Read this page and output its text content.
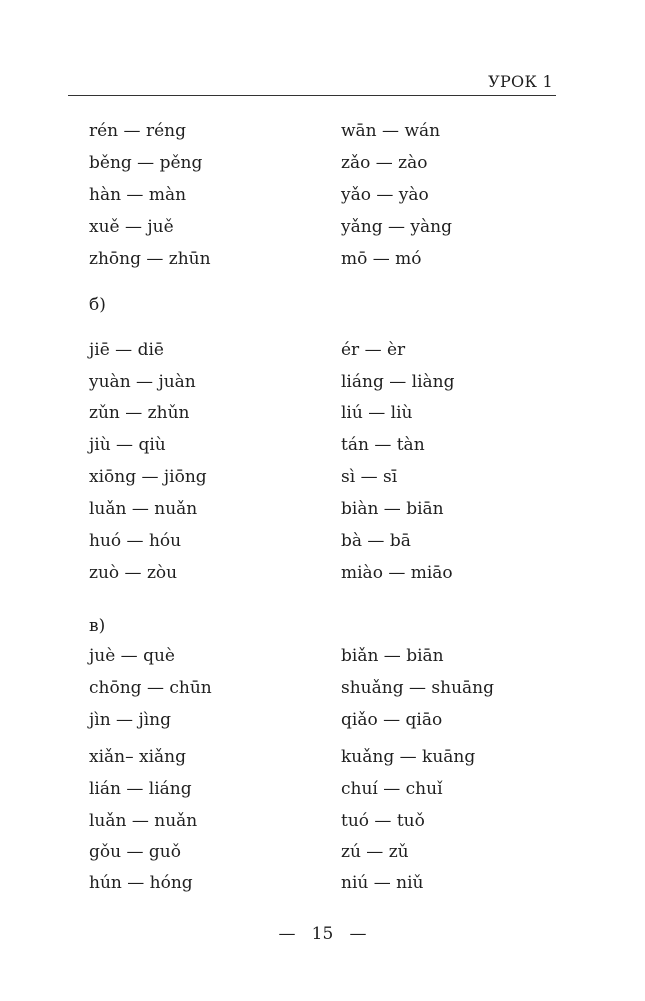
УРОК 1
rén — réng	wān — wán
běng — pěng	zǎo — zào
hàn — màn	yǎo — yào
xuě — juě	yǎng — yàng
zhōng — zhūn	mō — mó
б)
jiē — diē	ér — èr
yuàn — juàn	liáng — liàng
zǔn — zhǔn	liú — liù
jiù — qiù	tán — tàn
xiōng — jiōng	sì — sī
luǎn — nuǎn	biàn — biān
huó — hóu	bà — bā
zuò — zòu	miào — miāo
в)
juè — què	biǎn — biān
chōng — chūn	shuǎng — shuāng
jìn — jìng	qiǎo — qiāo
xiǎn– xiǎng	kuǎng — kuāng
lián — liáng	chuí — chuǐ
luǎn — nuǎn	tuó — tuǒ
gǒu — guǒ	zú — zǔ
hún — hóng	niú — niǔ
—   15   —
